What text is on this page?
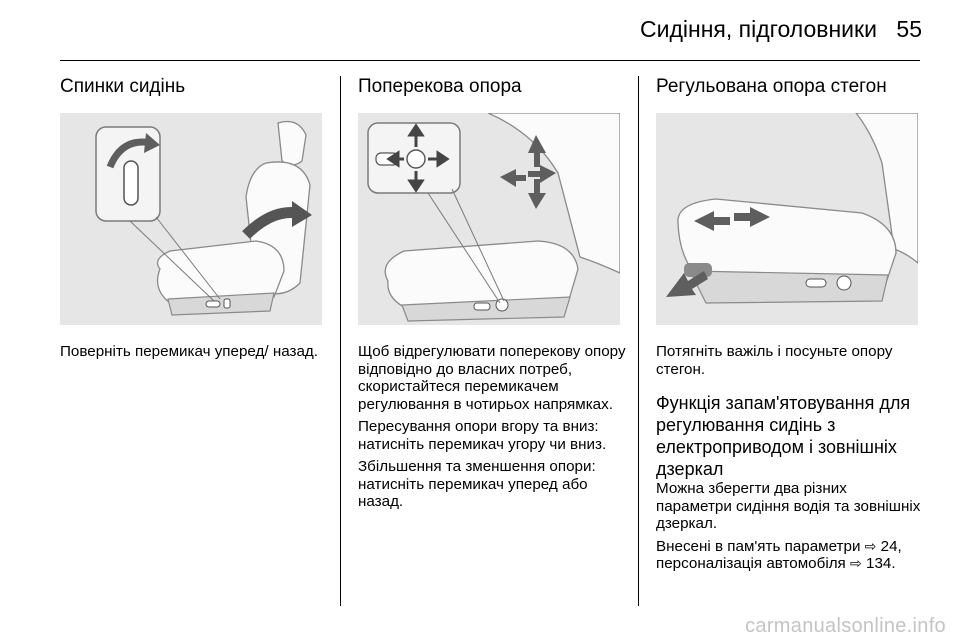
Сидіння, підголовники 55
Спинки сидінь

Поверніть перемикач уперед/ назад.

Поперекова опора

Щоб відрегулювати поперекову опору відповідно до власних потреб, скористайтеся перемикачем регулювання в чотирьох напрямках.

Пересування опори вгору та вниз: натисніть перемикач угору чи вниз.

Збільшення та зменшення опори: натисніть перемикач уперед або назад.

Регульована опора стегон

Потягніть важіль і посуньте опору стегон.

Функція запам'ятовування для регулювання сидінь з електроприводом і зовнішніх дзеркал

Можна зберегти два різних параметри сидіння водія та зовнішніх дзеркал.

Внесені в пам'ять параметри ⇨ 24, персоналізація автомобіля ⇨ 134.

carmanualsonline.info
